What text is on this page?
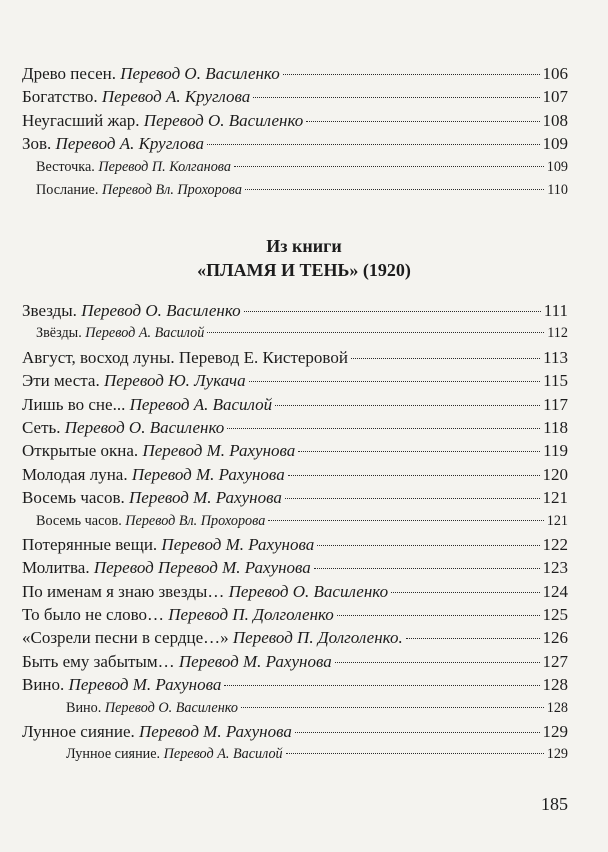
Древо песен. Перевод О. Василенко	106
Богатство. Перевод А. Круглова	107
Неугасший жар. Перевод О. Василенко	108
Зов. Перевод А. Круглова	109
Весточка. Перевод П. Колганова	109
Послание. Перевод Вл. Прохорова	110
Из книги
«ПЛАМЯ И ТЕНЬ» (1920)
Звезды. Перевод О. Василенко	111
Звёзды. Перевод А. Василой	112
Август, восход луны. Перевод Е. Кистеровой	113
Эти места. Перевод Ю. Лукача	115
Лишь во сне... Перевод А. Василой	117
Сеть. Перевод О. Василенко	118
Открытые окна. Перевод М. Рахунова	119
Молодая луна. Перевод М. Рахунова	120
Восемь часов. Перевод М. Рахунова	121
Восемь часов. Перевод Вл. Прохорова	121
Потерянные вещи. Перевод М. Рахунова	122
Молитва. Перевод Перевод М. Рахунова	123
По именам я знаю звезды… Перевод О. Василенко	124
То было не слово… Перевод П. Долголенко	125
«Созрели песни в сердце…» Перевод П. Долголенко.	126
Быть ему забытым… Перевод М. Рахунова	127
Вино. Перевод М. Рахунова	128
Вино. Перевод О. Василенко	128
Лунное сияние. Перевод М. Рахунова	129
Лунное сияние. Перевод А. Василой	129
185
